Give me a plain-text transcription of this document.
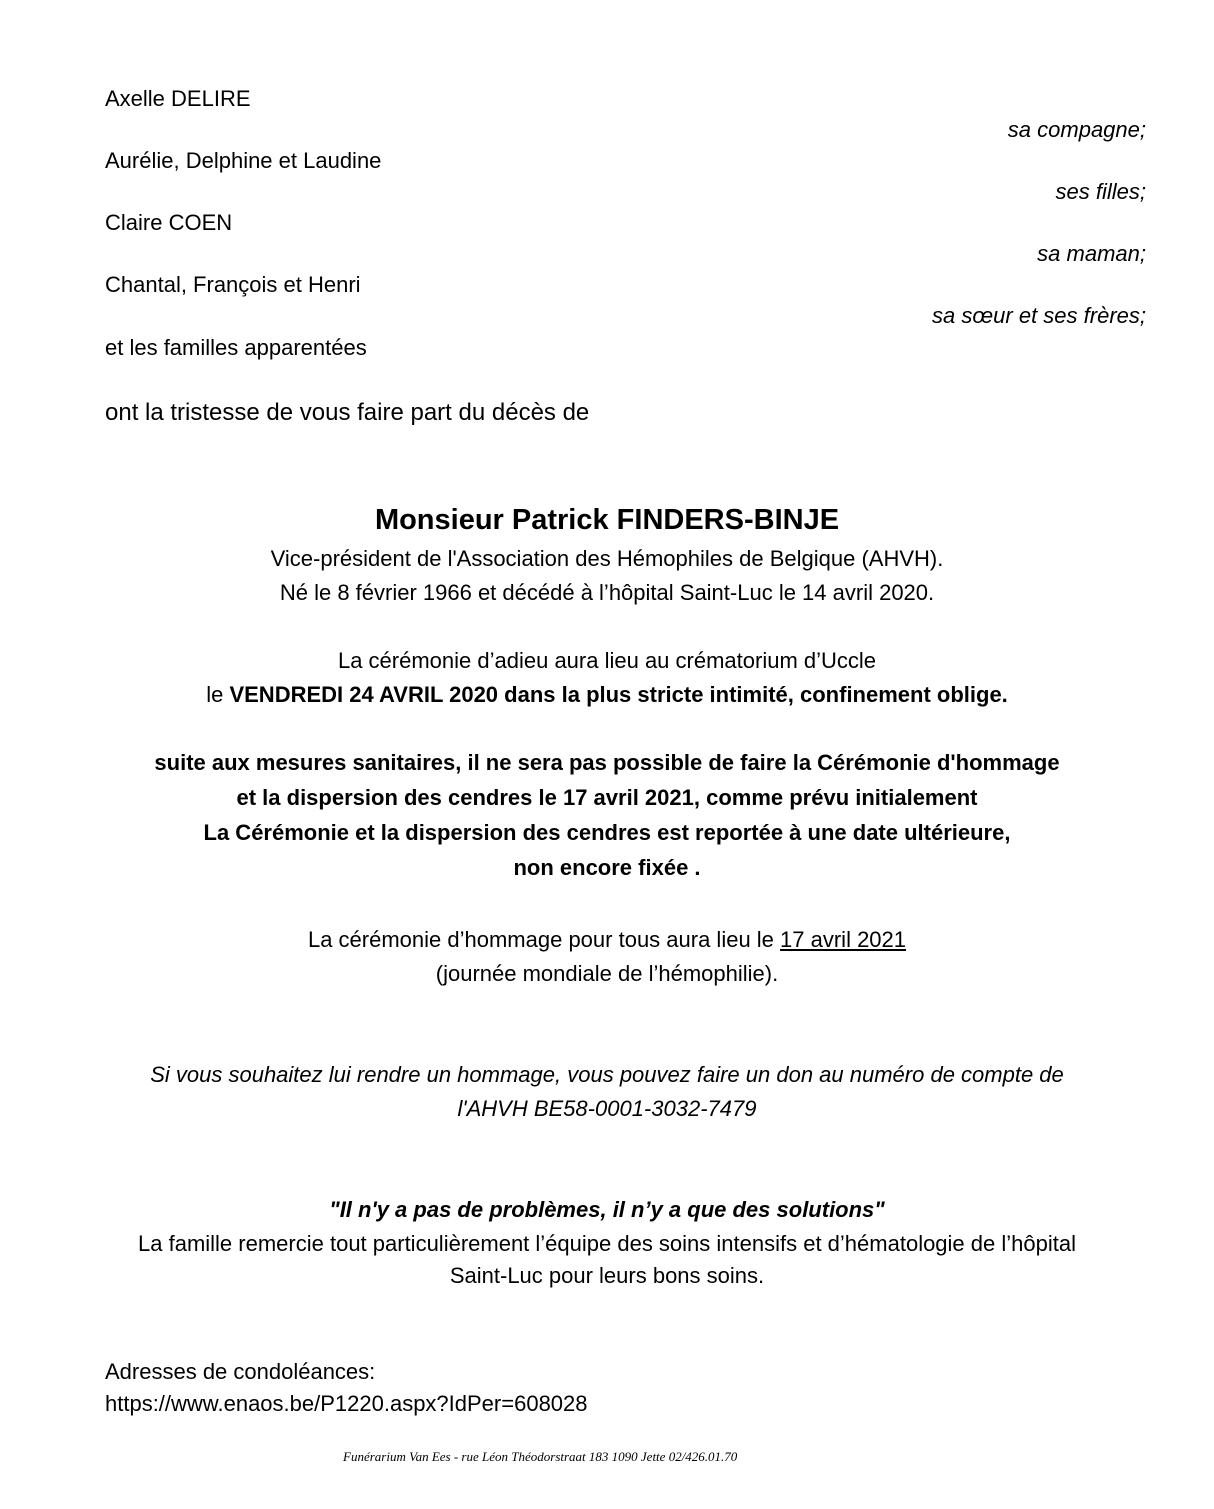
Axelle DELIRE
sa compagne;
Aurélie, Delphine et Laudine
ses filles;
Claire COEN
sa maman;
Chantal, François et Henri
sa sœur et ses frères;
et les familles apparentées
ont la tristesse de vous faire part du décès de
Monsieur Patrick FINDERS-BINJE
Vice-président de l'Association des Hémophiles de Belgique (AHVH).
Né le 8 février 1966 et décédé à l’hôpital Saint-Luc le 14 avril 2020.
La cérémonie d’adieu aura lieu au crématorium d’Uccle
le VENDREDI 24 AVRIL 2020 dans la plus stricte intimité, confinement oblige.
suite aux mesures sanitaires, il ne sera pas possible de faire la Cérémonie d'hommage
et la dispersion des cendres le 17 avril 2021, comme prévu initialement
La Cérémonie et la dispersion des cendres est reportée à une date ultérieure,
non encore fixée .
La cérémonie d’hommage pour tous aura lieu le 17 avril 2021
(journée mondiale de l’hémophilie).
Si vous souhaitez lui rendre un hommage, vous pouvez faire un don au numéro de compte de
l'AHVH BE58-0001-3032-7479
"Il n'y a pas de problèmes, il n’y a que des solutions"
La famille remercie tout particulièrement l’équipe des soins intensifs et d’hématologie de l’hôpital
Saint-Luc pour leurs bons soins.
Adresses de condoléances:
https://www.enaos.be/P1220.aspx?IdPer=608028
Funérarium Van Ees - rue Léon Théodorstraat 183 1090 Jette 02/426.01.70
